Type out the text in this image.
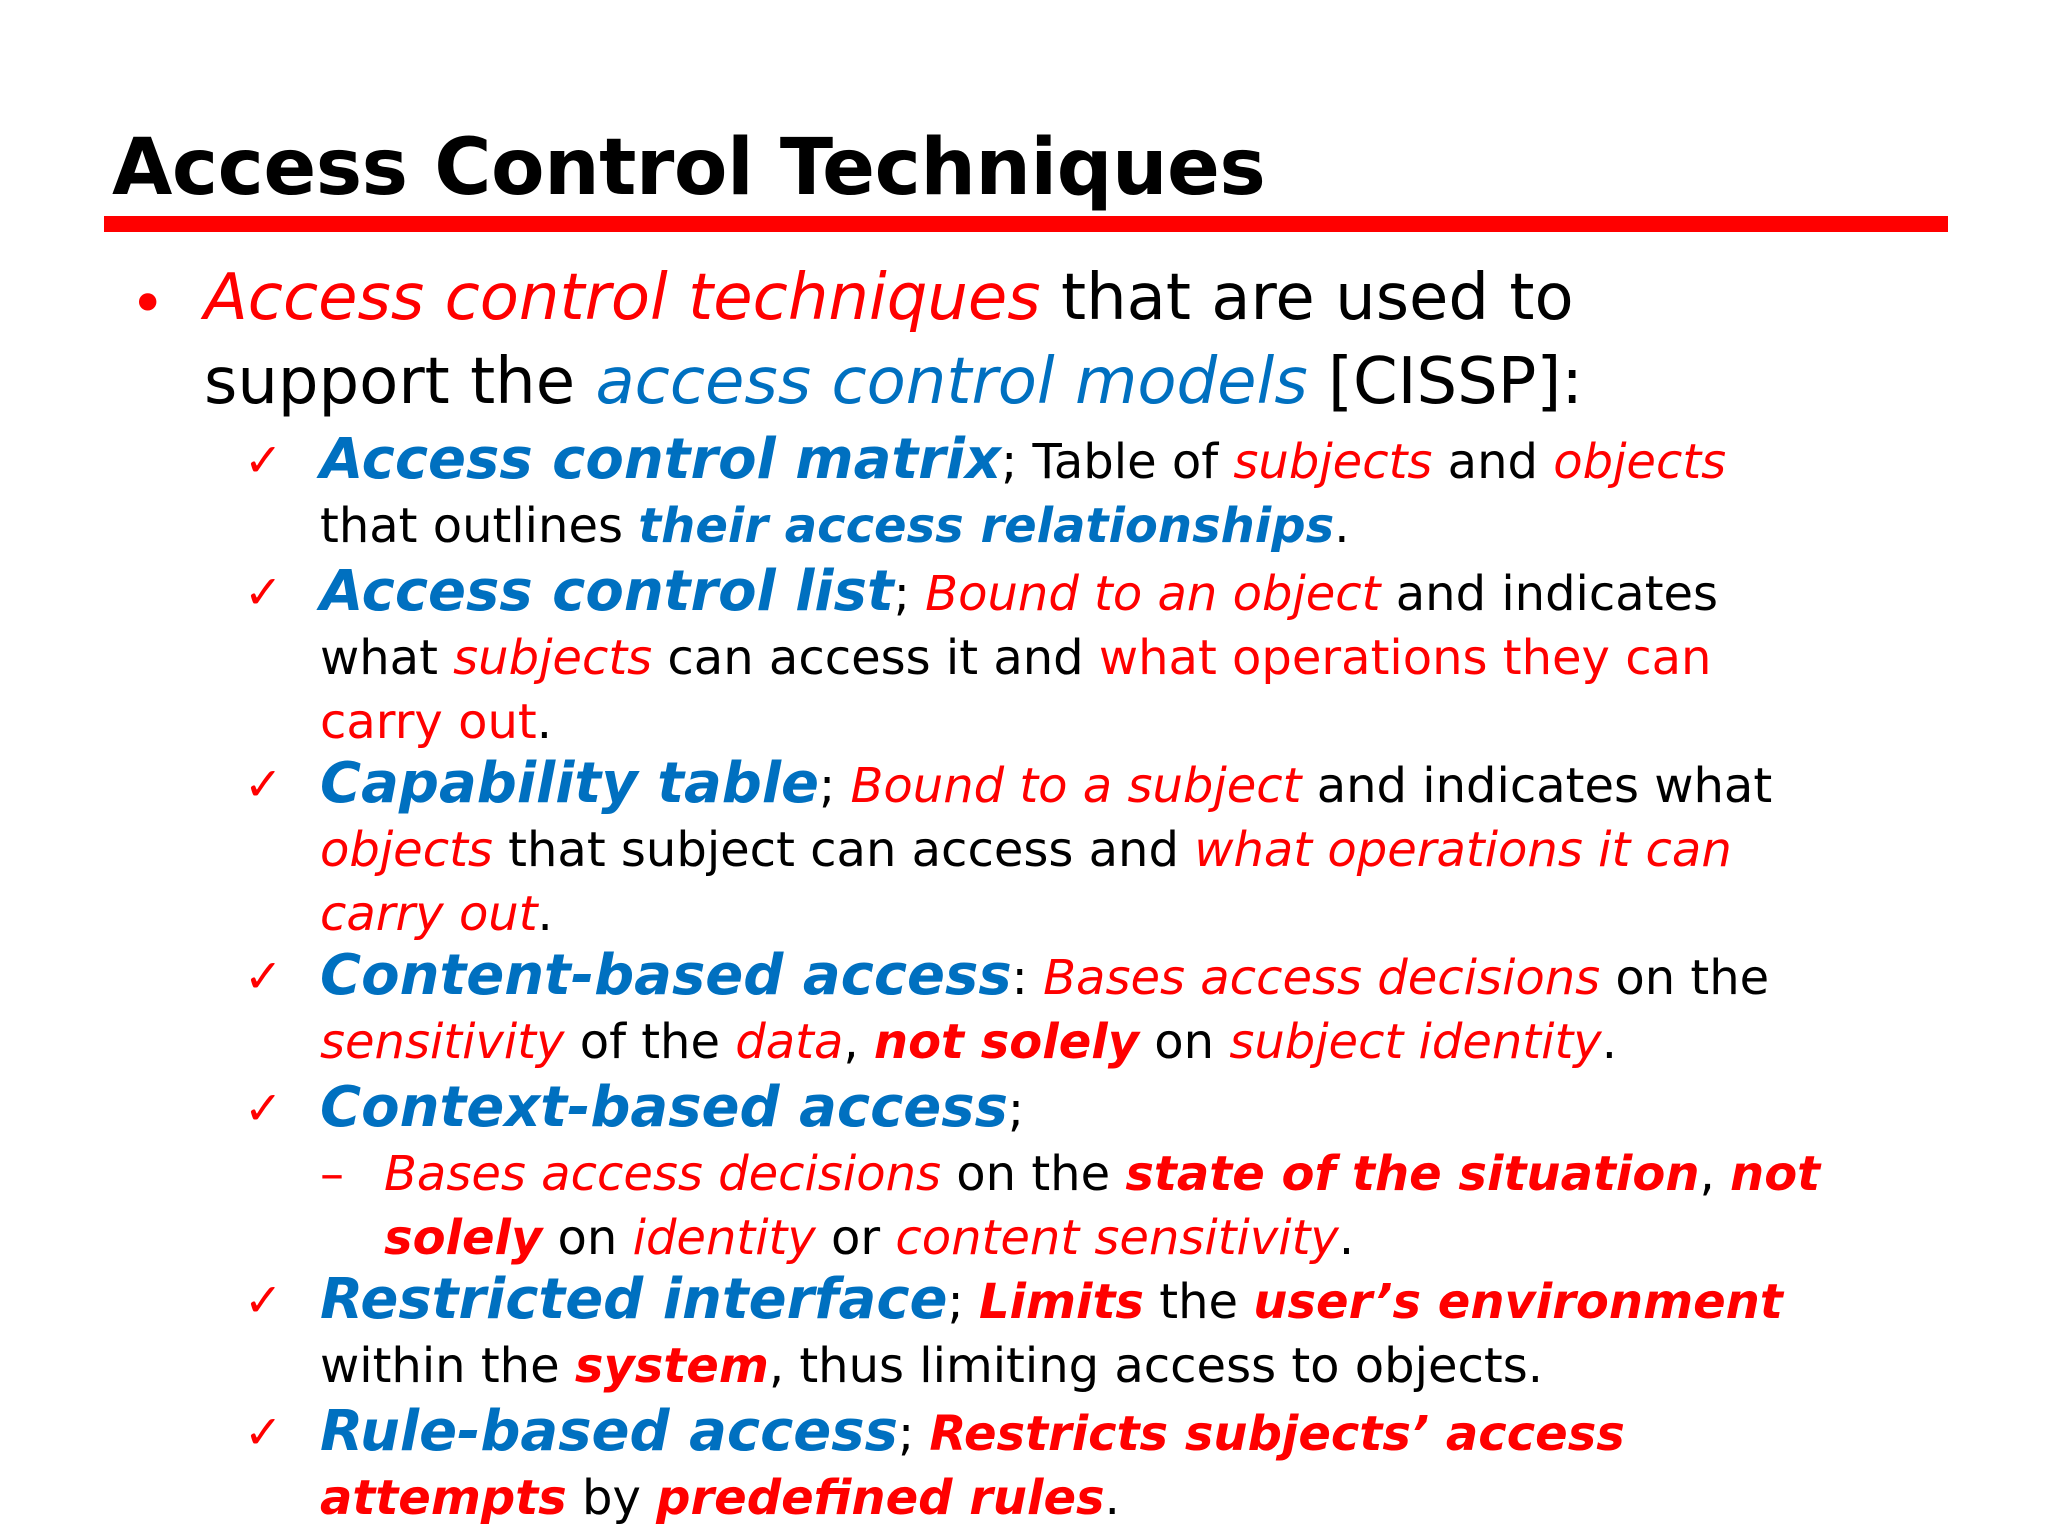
Access Control Techniques
• Access control techniques that are used to
support the access control models [CISSP]:
✓ Access control matrix; Table of subjects and objects
that outlines their access relationships.
✓ Access control list; Bound to an object and indicates
what subjects can access it and what operations they can
carry out.
✓ Capability table; Bound to a subject and indicates what
objects that subject can access and what operations it can
carry out.
✓ Content-based access: Bases access decisions on the
sensitivity of the data, not solely on subject identity.
✓ Context-based access;
– Bases access decisions on the state of the situation, not
solely on identity or content sensitivity.
✓ Restricted interface; Limits the user’s environment
within the system, thus limiting access to objects.
✓ Rule-based access; Restricts subjects’ access
attempts by predefined rules.
